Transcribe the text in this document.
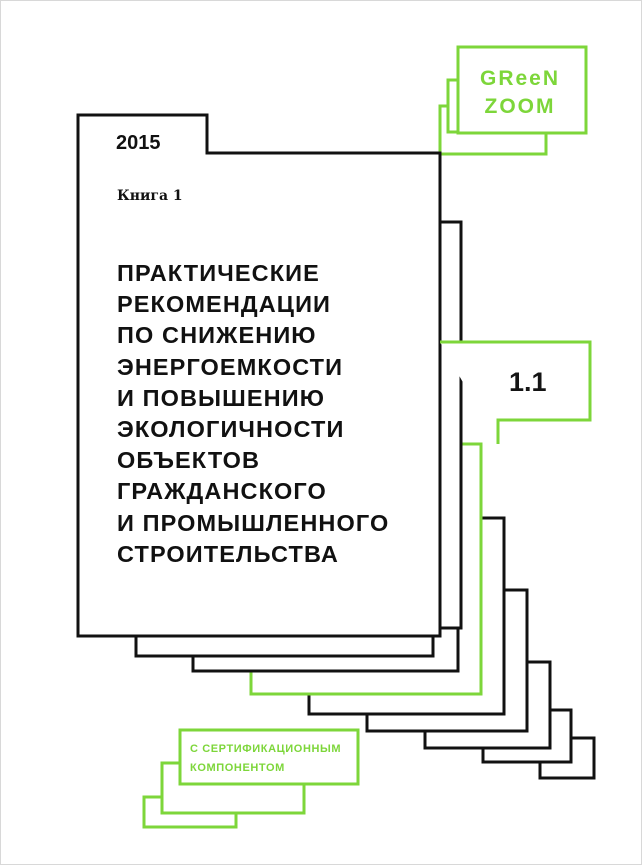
2015
Книга 1
ПРАКТИЧЕСКИЕ
РЕКОМЕНДАЦИИ
ПО СНИЖЕНИЮ
ЭНЕРГОЕМКОСТИ
И ПОВЫШЕНИЮ
ЭКОЛОГИЧНОСТИ
ОБЪЕКТОВ
ГРАЖДАНСКОГО
И ПРОМЫШЛЕННОГО
СТРОИТЕЛЬСТВА
1.1
GReeN
ZOOM
С СЕРТИФИКАЦИОННЫМ
КОМПОНЕНТОМ
